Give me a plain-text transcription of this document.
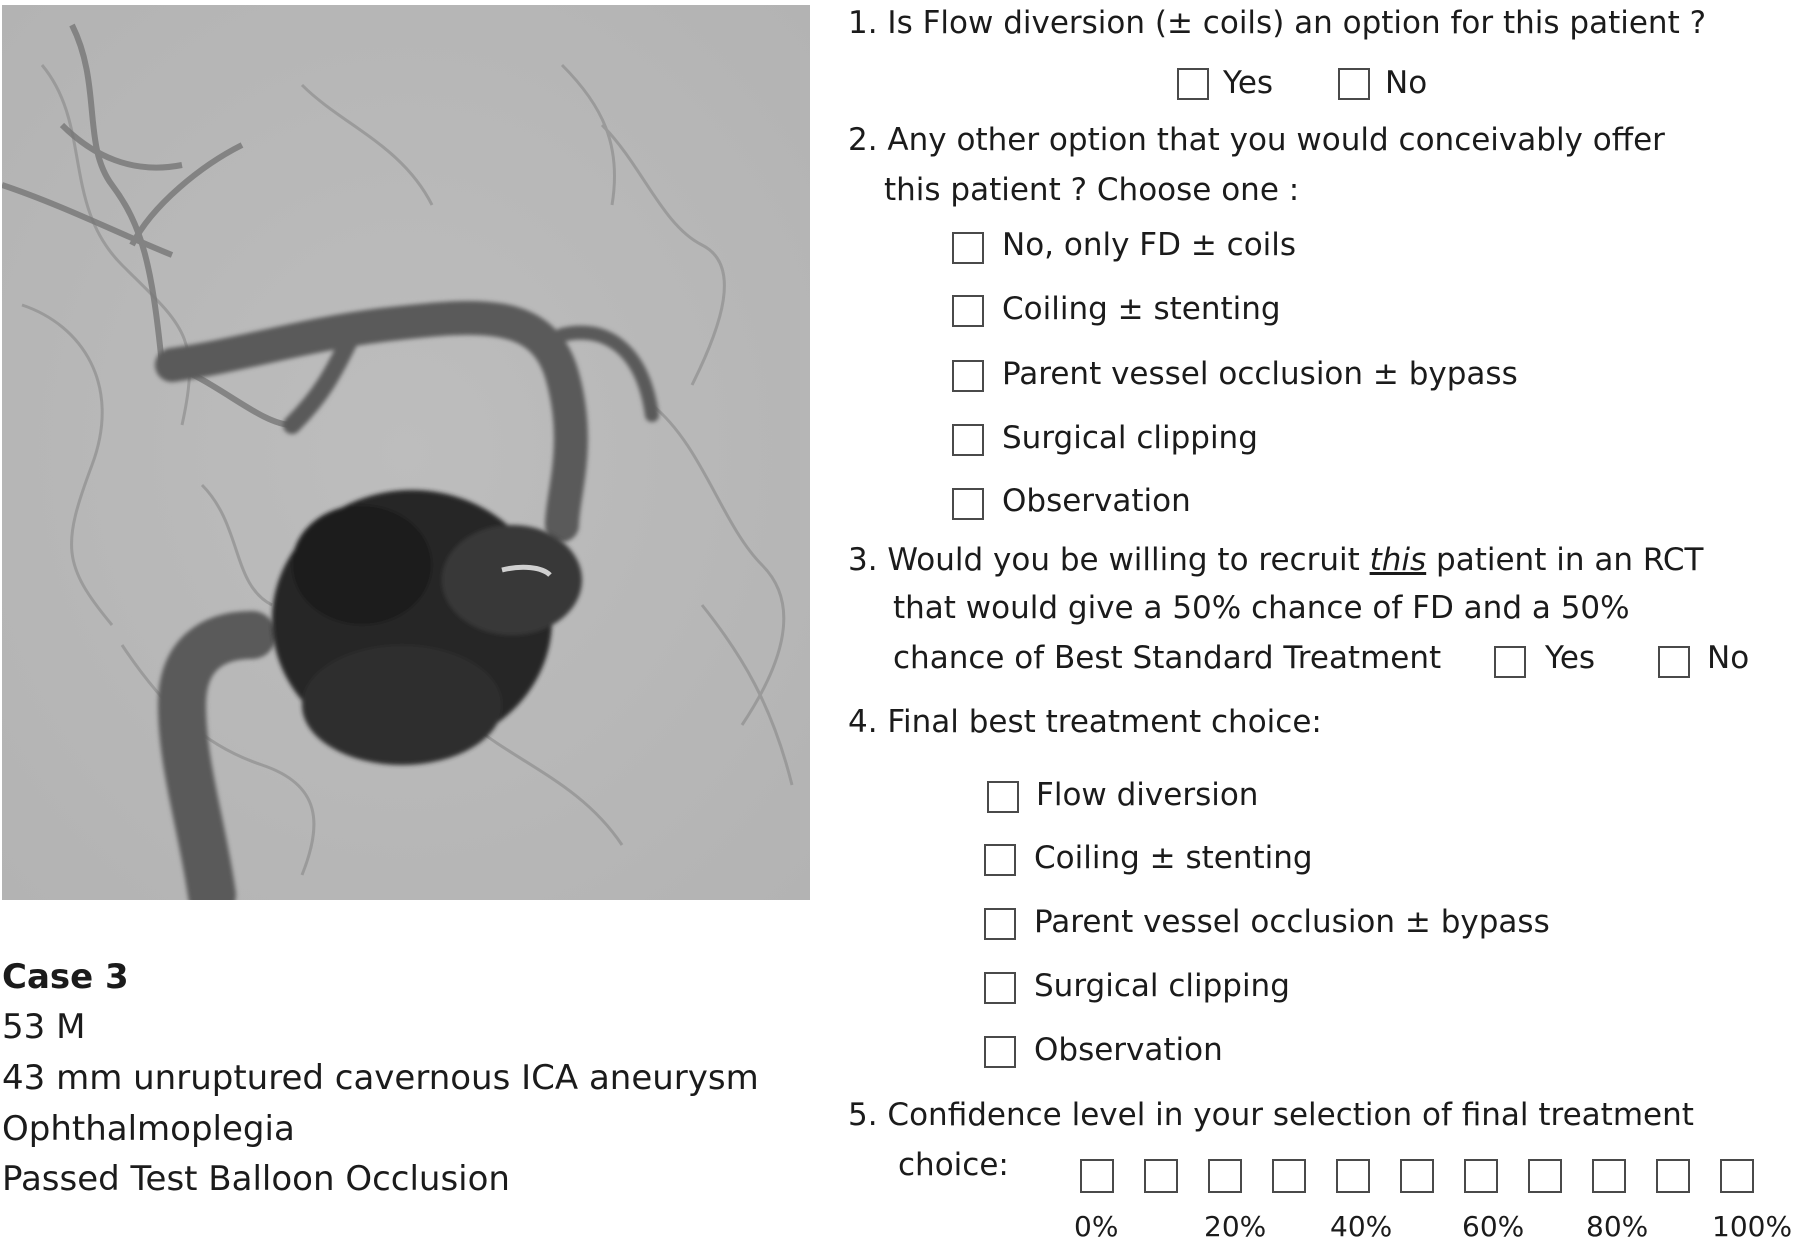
Case 3
53 M
43 mm unruptured cavernous ICA aneurysm
Ophthalmoplegia
Passed Test Balloon Occlusion
1. Is Flow diversion (± coils) an option for this patient ?
Yes	No
2. Any other option that you would conceivably offer
this patient ? Choose one :
No, only FD ± coils
Coiling ± stenting
Parent vessel occlusion ± bypass
Surgical clipping
Observation
3. Would you be willing to recruit this patient in an RCT
that would give a 50% chance of FD and a 50%
chance of Best Standard Treatment	Yes	No
4. Final best treatment choice:
Flow diversion
Coiling ± stenting
Parent vessel occlusion ± bypass
Surgical clipping
Observation
5. Confidence level in your selection of final treatment
choice:
0%	20% 40% 60% 80% 100%
